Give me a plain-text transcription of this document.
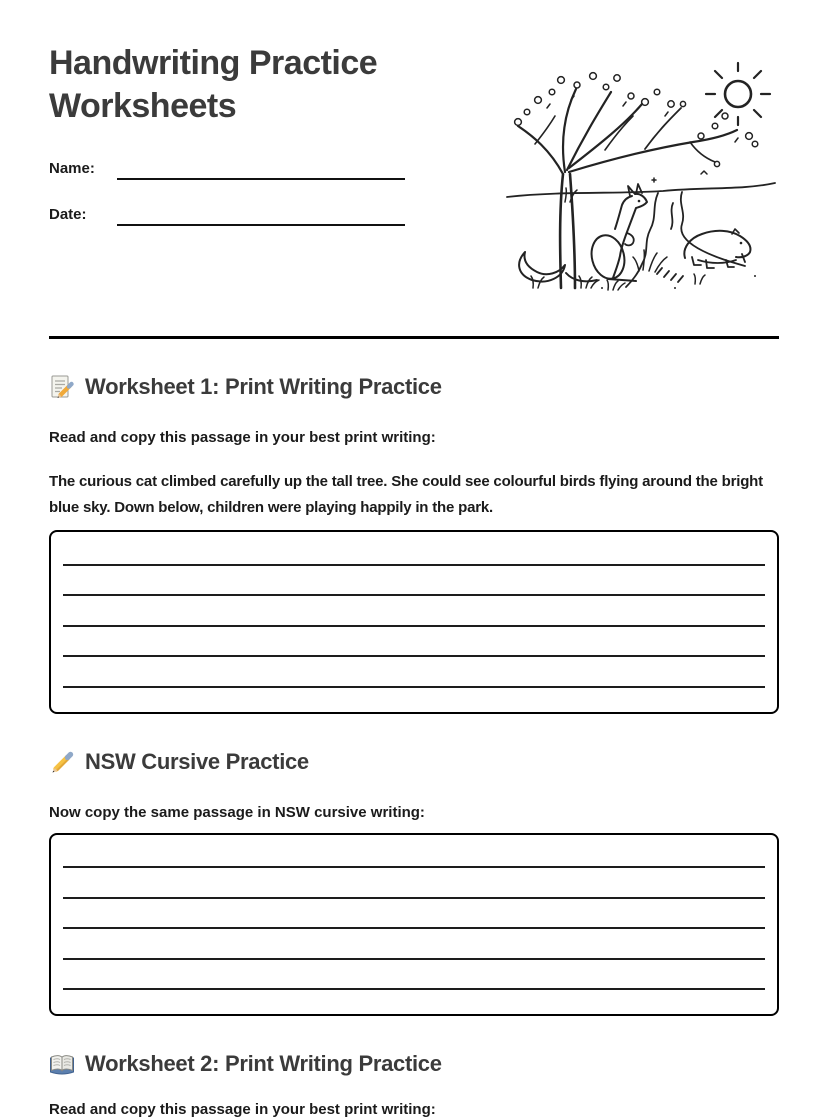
Handwriting Practice Worksheets
Name:
Date:
Worksheet 1: Print Writing Practice

Read and copy this passage in your best print writing:

The curious cat climbed carefully up the tall tree. She could see colourful birds flying around the bright blue sky. Down below, children were playing happily in the park.

NSW Cursive Practice

Now copy the same passage in NSW cursive writing:

Worksheet 2: Print Writing Practice

Read and copy this passage in your best print writing:
